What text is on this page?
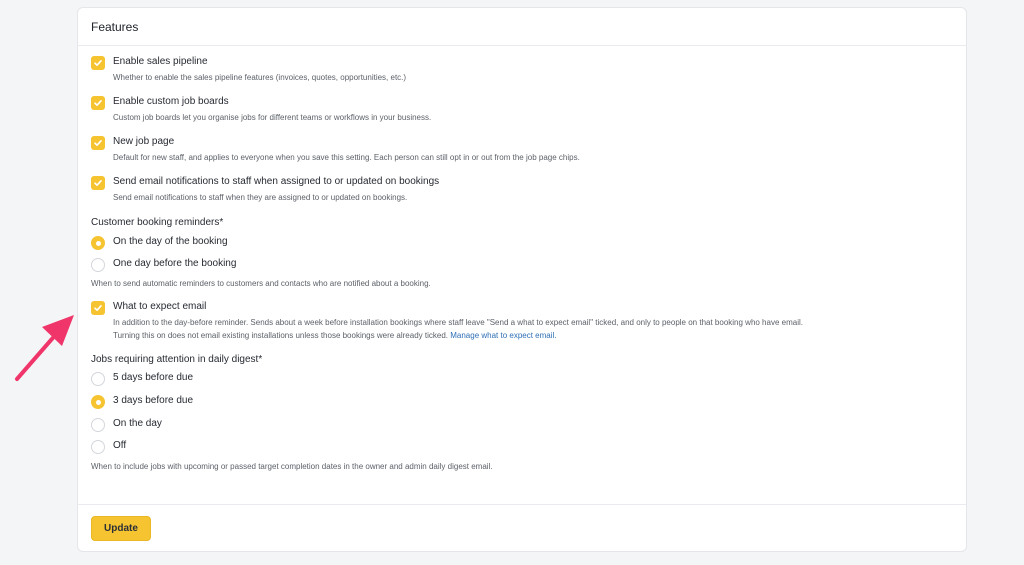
Features
Enable sales pipeline
Whether to enable the sales pipeline features (invoices, quotes, opportunities, etc.)
Enable custom job boards
Custom job boards let you organise jobs for different teams or workflows in your business.
New job page
Default for new staff, and applies to everyone when you save this setting. Each person can still opt in or out from the job page chips.
Send email notifications to staff when assigned to or updated on bookings
Send email notifications to staff when they are assigned to or updated on bookings.
Customer booking reminders*
On the day of the booking
One day before the booking
When to send automatic reminders to customers and contacts who are notified about a booking.
What to expect email
In addition to the day-before reminder. Sends about a week before installation bookings where staff leave "Send a what to expect email" ticked, and only to people on that booking who have email.
Turning this on does not email existing installations unless those bookings were already ticked. Manage what to expect email.
Jobs requiring attention in daily digest*
5 days before due
3 days before due
On the day
Off
When to include jobs with upcoming or passed target completion dates in the owner and admin daily digest email.
Update
